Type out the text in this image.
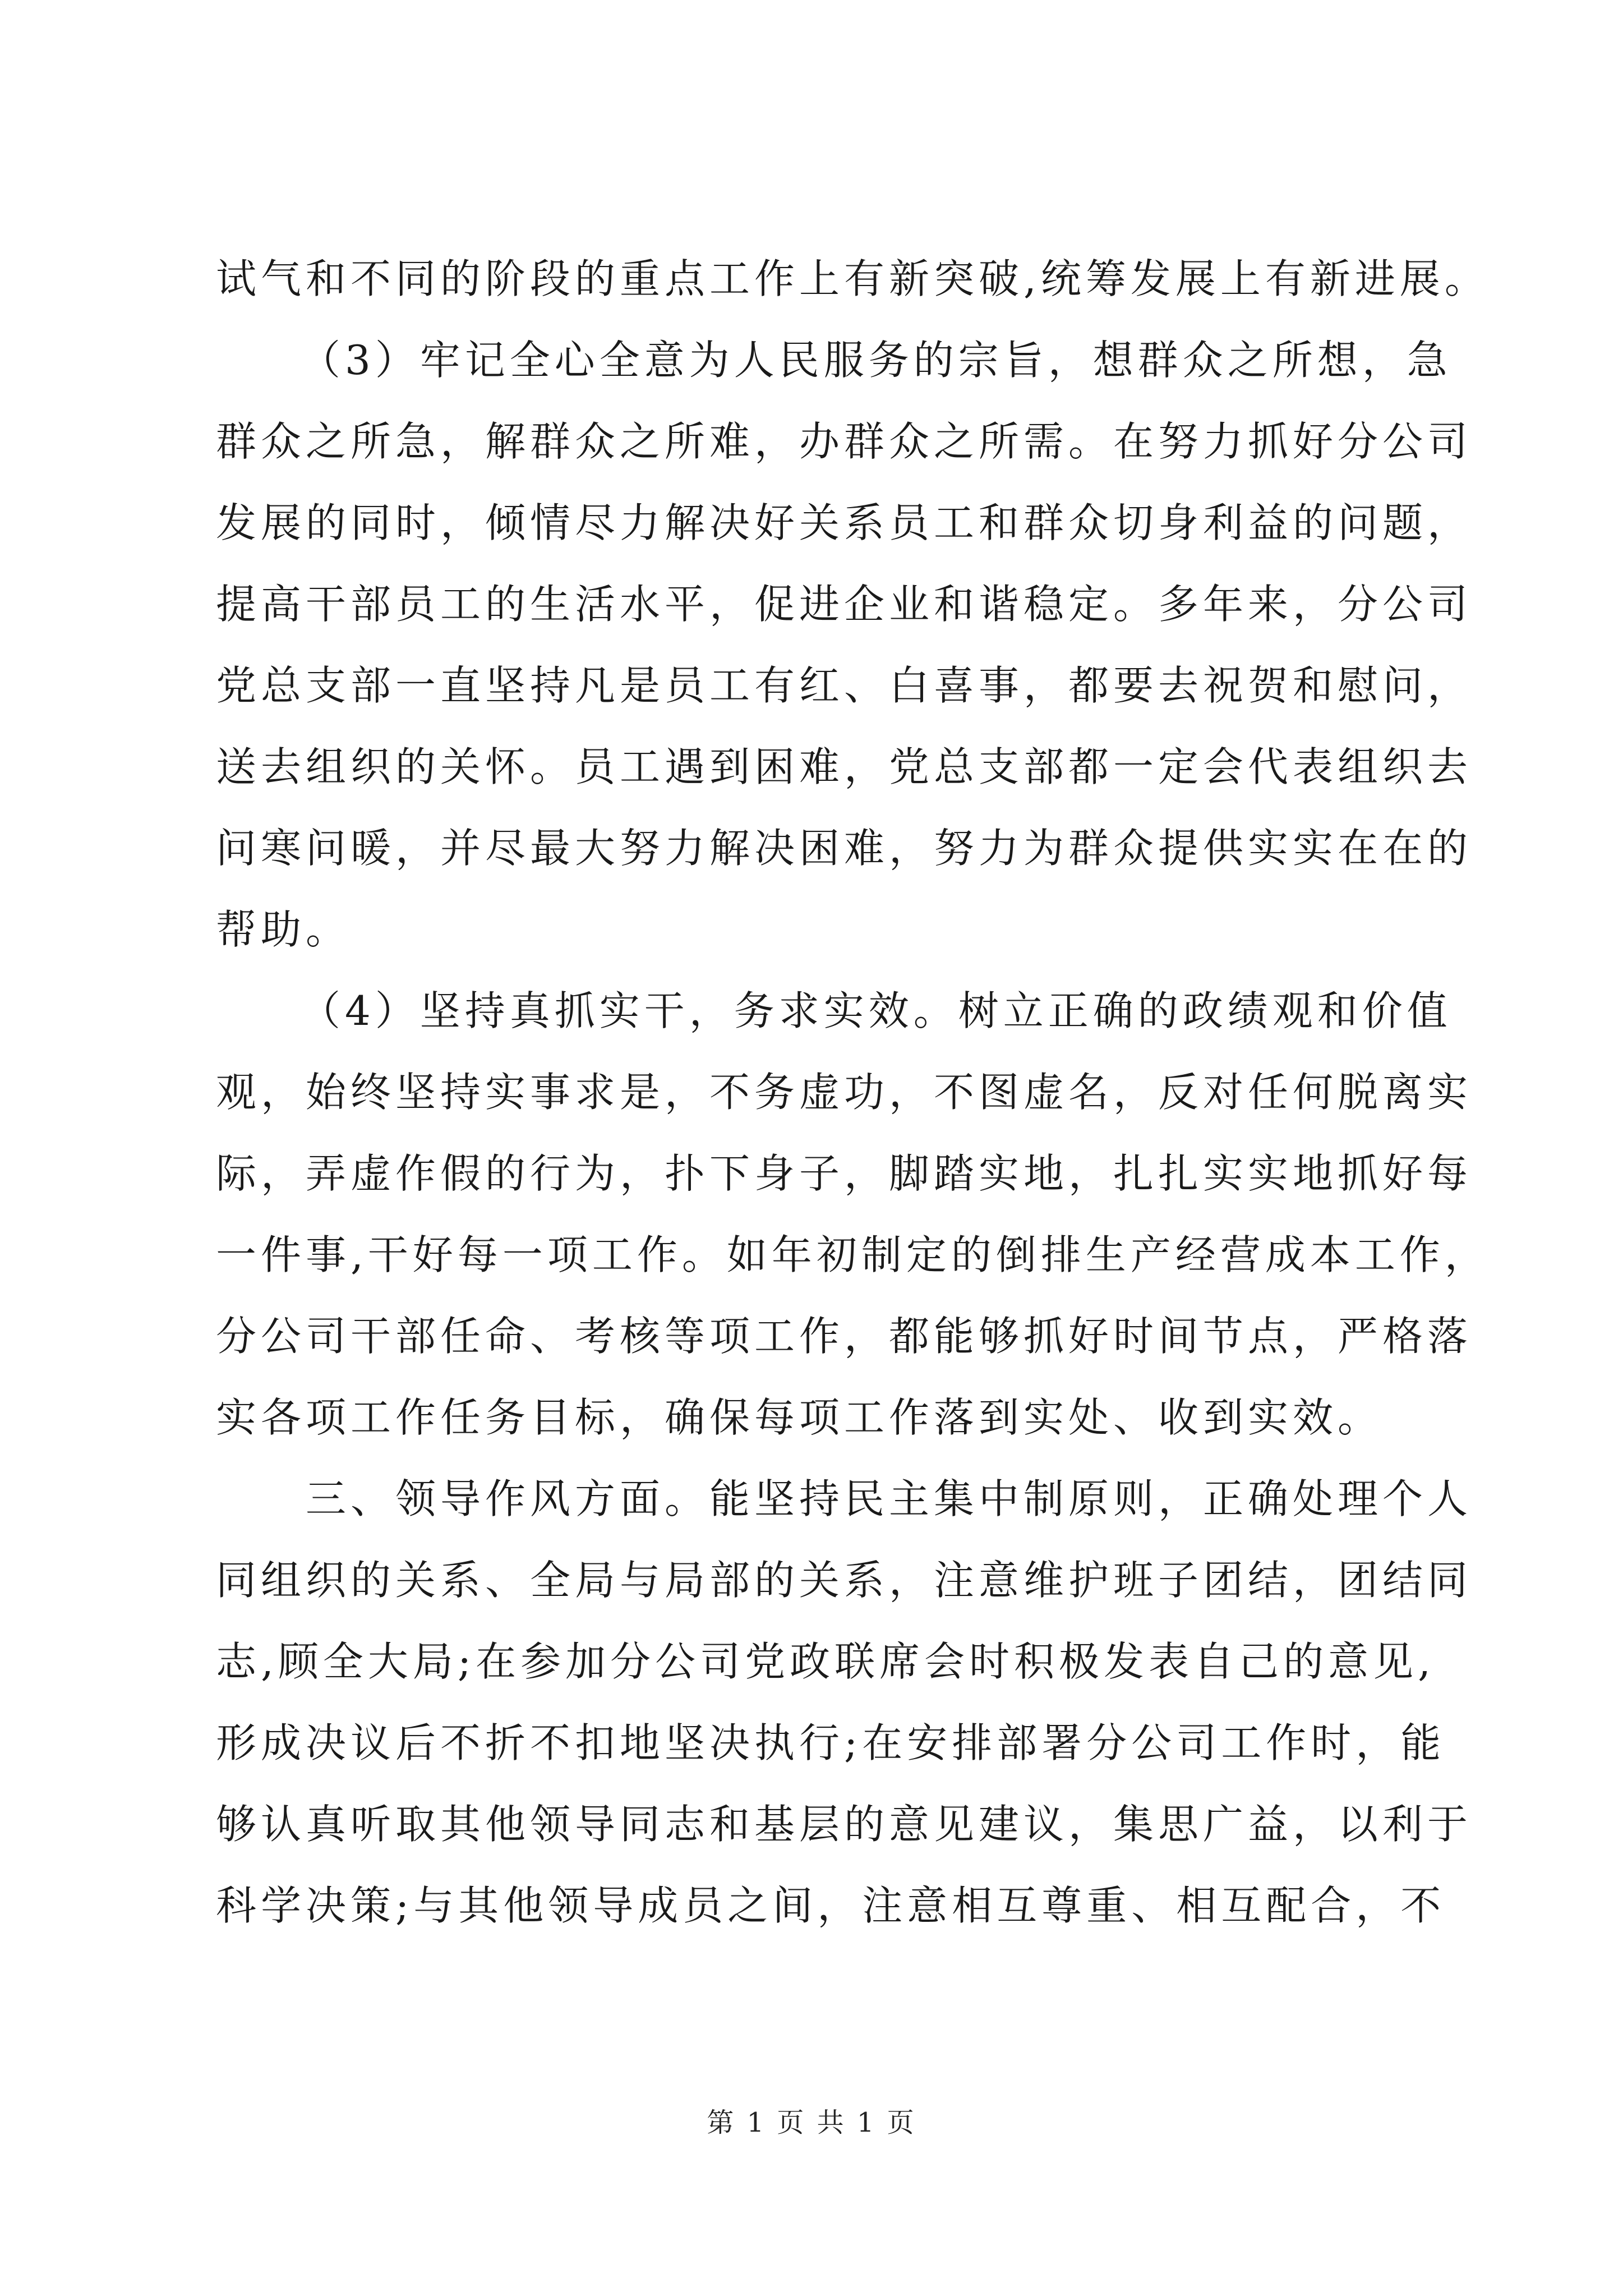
试气和不同的阶段的重点工作上有新突破,统筹发展上有新进展。
（3）牢记全心全意为人民服务的宗旨，想群众之所想，急
群众之所急，解群众之所难，办群众之所需。在努力抓好分公司
发展的同时，倾情尽力解决好关系员工和群众切身利益的问题，
提高干部员工的生活水平，促进企业和谐稳定。多年来，分公司
党总支部一直坚持凡是员工有红、白喜事，都要去祝贺和慰问，
送去组织的关怀。员工遇到困难，党总支部都一定会代表组织去
问寒问暖，并尽最大努力解决困难，努力为群众提供实实在在的
帮助。
（4）坚持真抓实干，务求实效。树立正确的政绩观和价值
观，始终坚持实事求是，不务虚功，不图虚名，反对任何脱离实
际，弄虚作假的行为，扑下身子，脚踏实地，扎扎实实地抓好每
一件事,干好每一项工作。如年初制定的倒排生产经营成本工作，
分公司干部任命、考核等项工作，都能够抓好时间节点，严格落
实各项工作任务目标，确保每项工作落到实处、收到实效。
三、领导作风方面。能坚持民主集中制原则，正确处理个人
同组织的关系、全局与局部的关系，注意维护班子团结，团结同
志,顾全大局;在参加分公司党政联席会时积极发表自己的意见,
形成决议后不折不扣地坚决执行;在安排部署分公司工作时，能
够认真听取其他领导同志和基层的意见建议，集思广益，以利于
科学决策;与其他领导成员之间，注意相互尊重、相互配合，不
第 1 页 共 1 页
